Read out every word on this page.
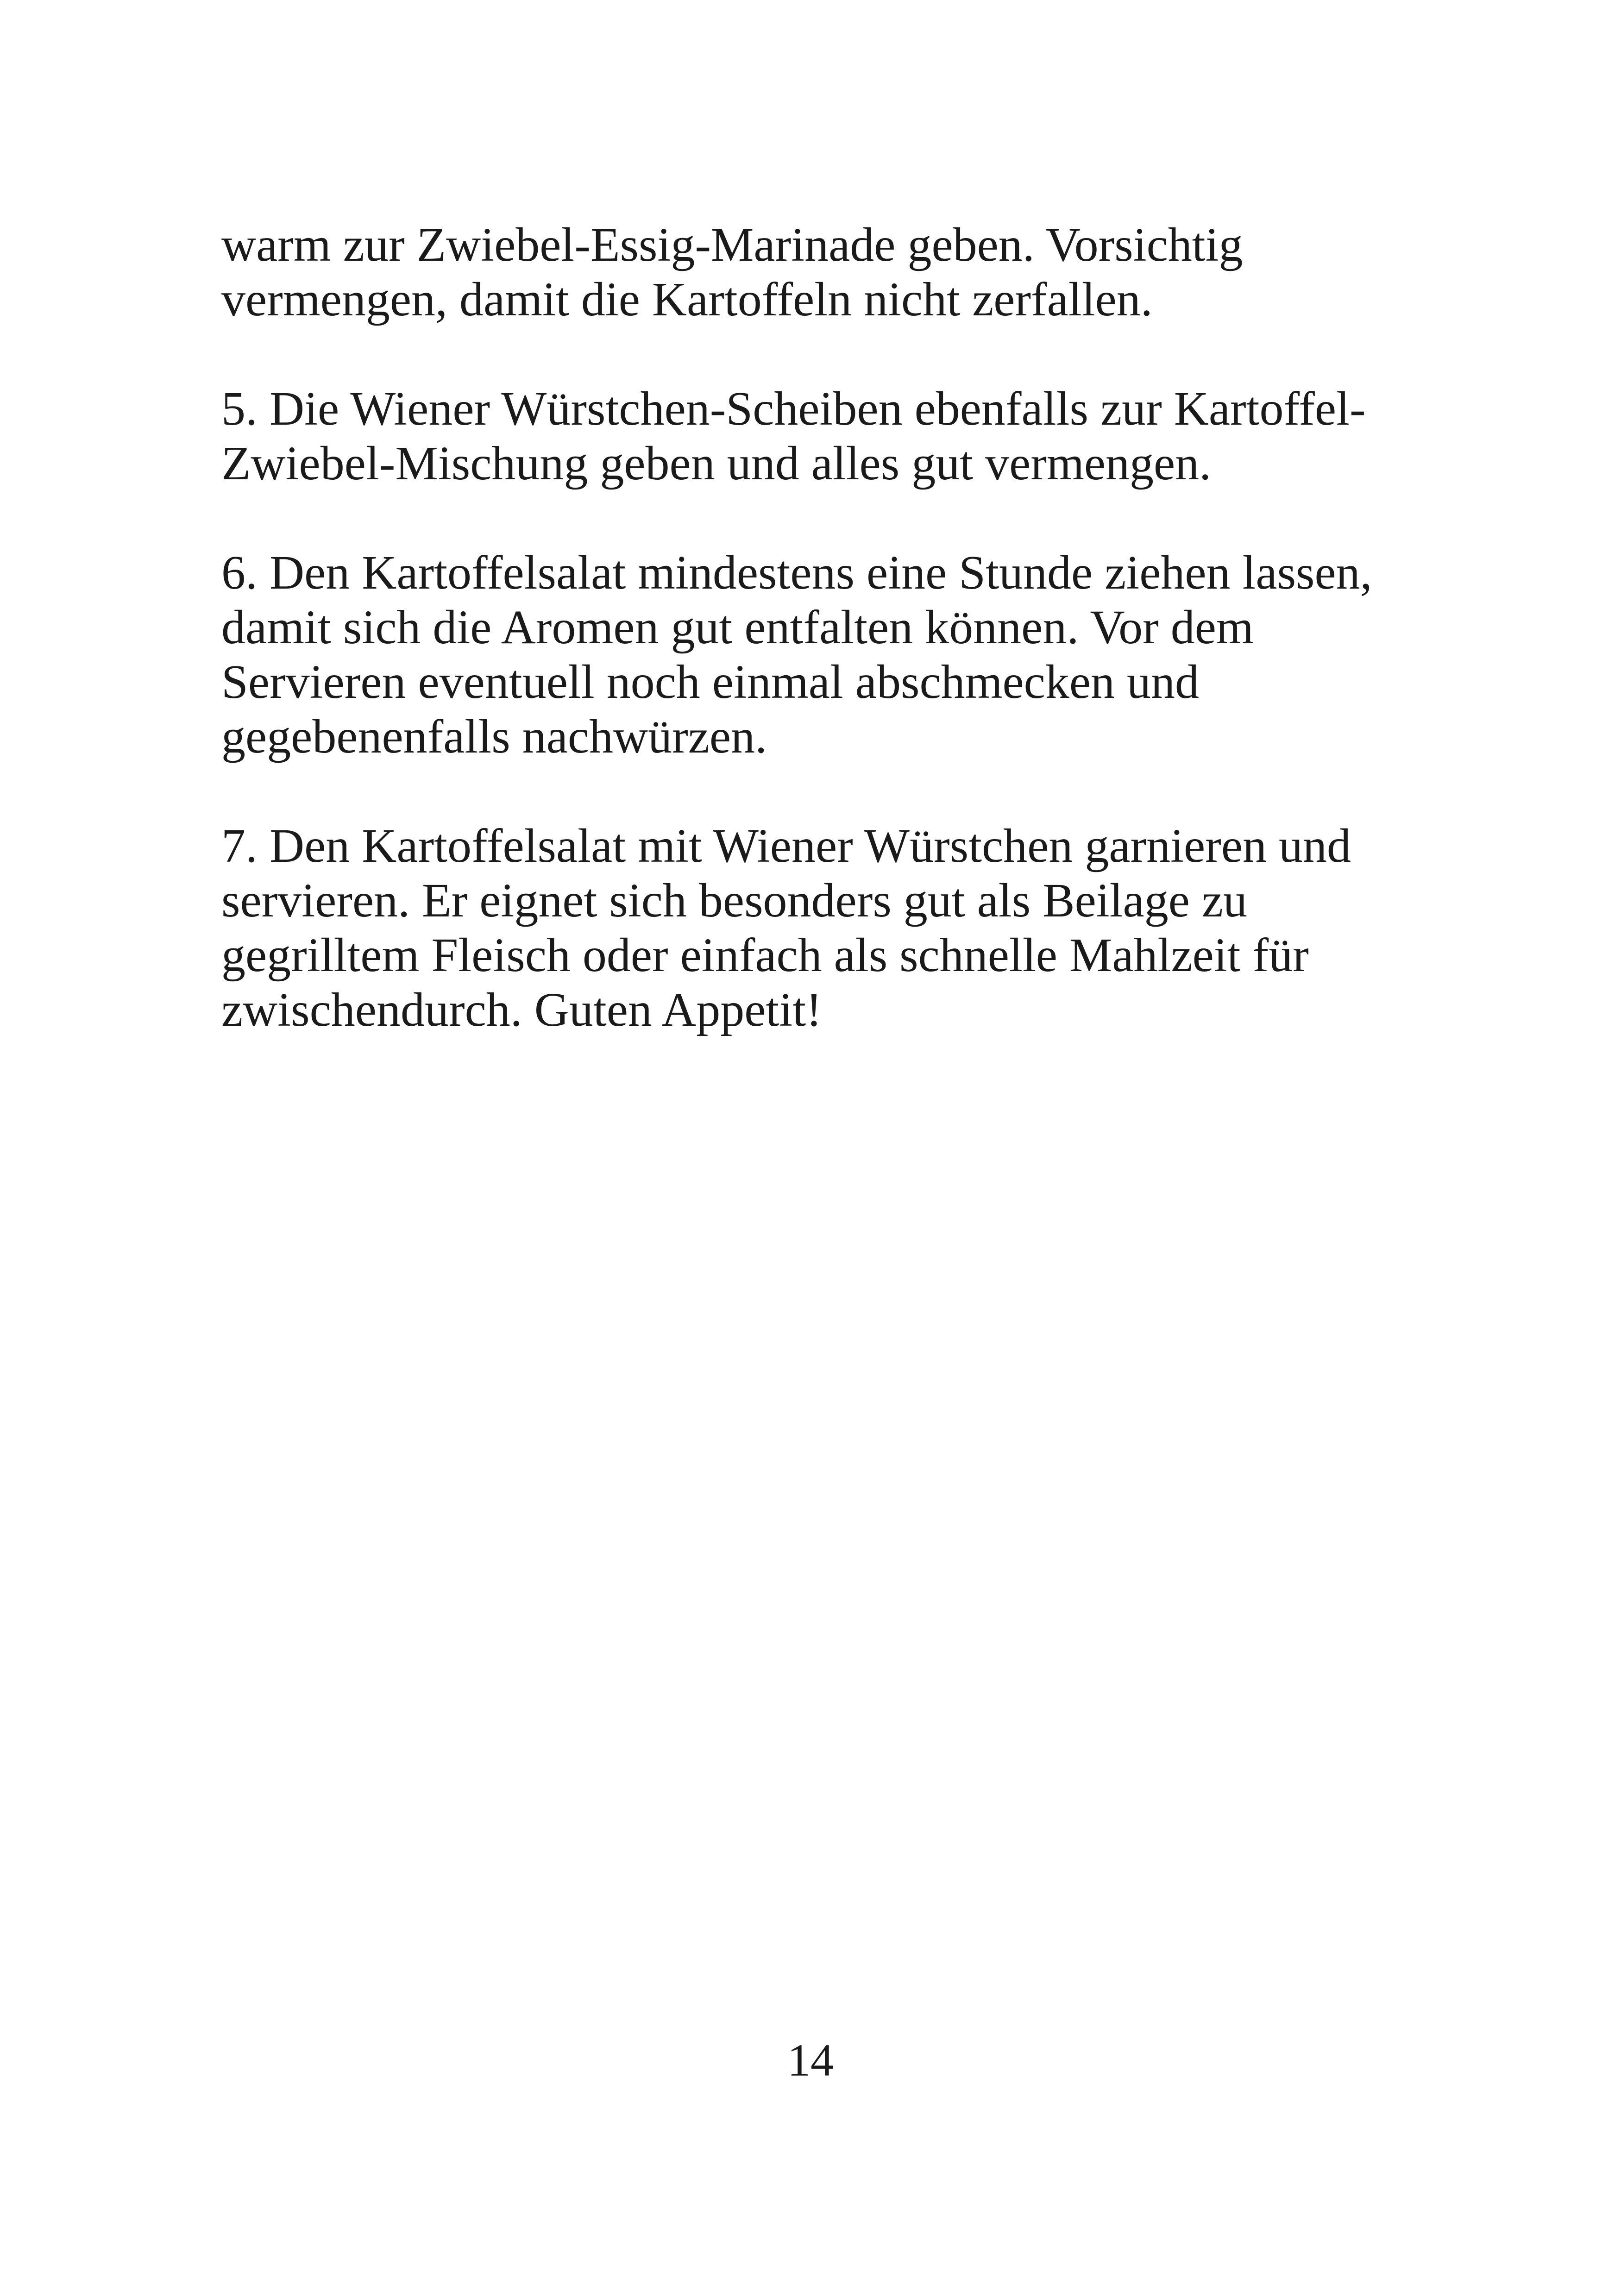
warm zur Zwiebel-Essig-Marinade geben. Vorsichtig
vermengen, damit die Kartoffeln nicht zerfallen.

5. Die Wiener Würstchen-Scheiben ebenfalls zur Kartoffel-
Zwiebel-Mischung geben und alles gut vermengen.

6. Den Kartoffelsalat mindestens eine Stunde ziehen lassen,
damit sich die Aromen gut entfalten können. Vor dem
Servieren eventuell noch einmal abschmecken und
gegebenenfalls nachwürzen.

7. Den Kartoffelsalat mit Wiener Würstchen garnieren und
servieren. Er eignet sich besonders gut als Beilage zu
gegrilltem Fleisch oder einfach als schnelle Mahlzeit für
zwischendurch. Guten Appetit!

14
